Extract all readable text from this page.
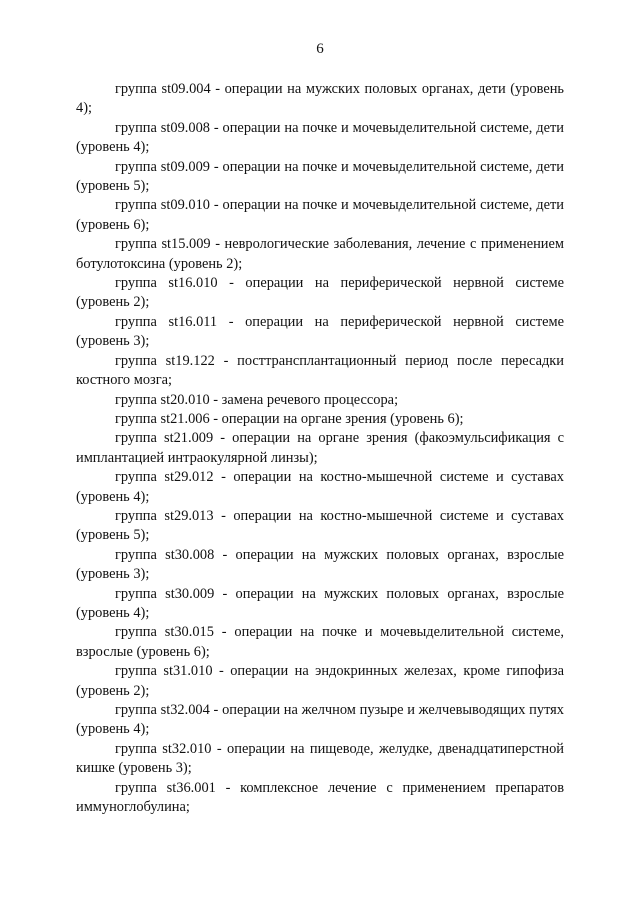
6

группа st09.004 - операции на мужских половых органах, дети (уровень 4);

группа st09.008 - операции на почке и мочевыделительной системе, дети (уровень 4);

группа st09.009 - операции на почке и мочевыделительной системе, дети (уровень 5);

группа st09.010 - операции на почке и мочевыделительной системе, дети (уровень 6);

группа st15.009 - неврологические заболевания, лечение с применением ботулотоксина (уровень 2);

группа st16.010 - операции на периферической нервной системе (уровень 2);

группа st16.011 - операции на периферической нервной системе (уровень 3);

группа st19.122 - посттрансплантационный период после пересадки костного мозга;

группа st20.010 - замена речевого процессора;

группа st21.006 - операции на органе зрения (уровень 6);

группа st21.009 - операции на органе зрения (факоэмульсификация с имплантацией интраокулярной линзы);

группа st29.012 - операции на костно-мышечной системе и суставах (уровень 4);

группа st29.013 - операции на костно-мышечной системе и суставах (уровень 5);

группа st30.008 - операции на мужских половых органах, взрослые (уровень 3);

группа st30.009 - операции на мужских половых органах, взрослые (уровень 4);

группа st30.015 - операции на почке и мочевыделительной системе, взрослые (уровень 6);

группа st31.010 - операции на эндокринных железах, кроме гипофиза (уровень 2);

группа st32.004 - операции на желчном пузыре и желчевыводящих путях (уровень 4);

группа st32.010 - операции на пищеводе, желудке, двенадцатиперстной кишке (уровень 3);

группа st36.001 - комплексное лечение с применением препаратов иммуноглобулина;
